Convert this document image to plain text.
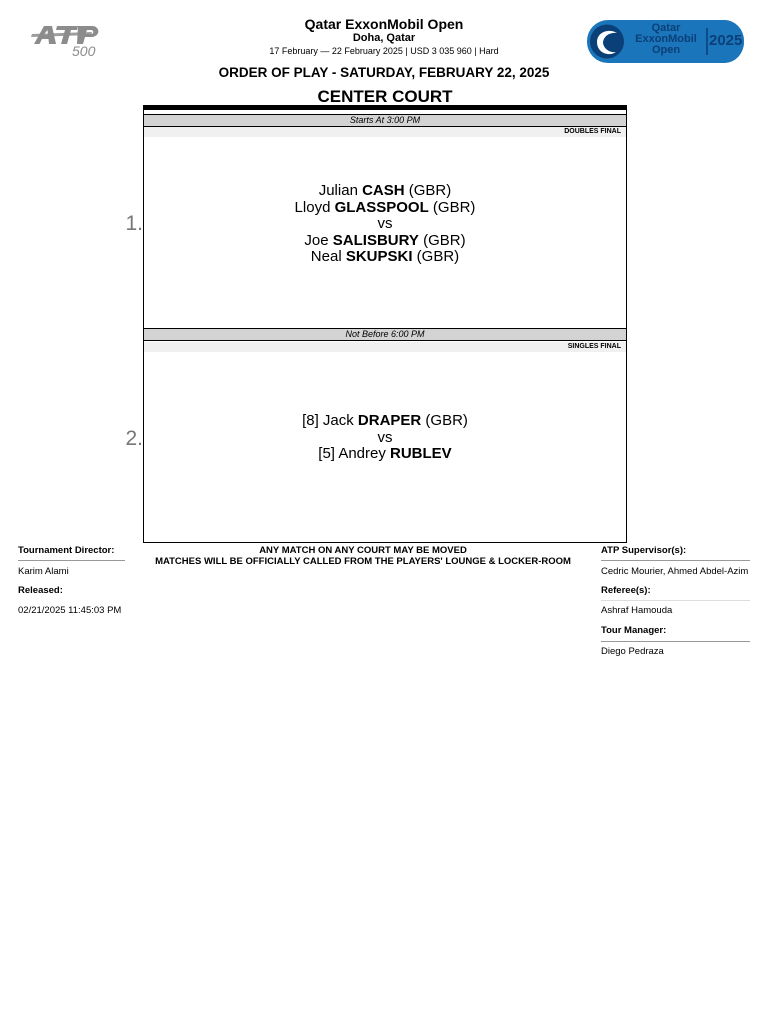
500
Qatar
ExxonMobil
Open
2025
Qatar ExxonMobil Open
Doha, Qatar
17 February — 22 February 2025 | USD 3 035 960 | Hard
ORDER OF PLAY - SATURDAY, FEBRUARY 22, 2025
CENTER COURT
1.
2.
Starts At 3:00 PM
DOUBLES FINAL
Julian CASH (GBR)
Lloyd GLASSPOOL (GBR)
vs
Joe SALISBURY (GBR)
Neal SKUPSKI (GBR)
Not Before 6:00 PM
SINGLES FINAL
[8] Jack DRAPER (GBR)
vs
[5] Andrey RUBLEV
Tournament Director:
Karim Alami
Released:
02/21/2025 11:45:03 PM
ANY MATCH ON ANY COURT MAY BE MOVED
MATCHES WILL BE OFFICIALLY CALLED FROM THE PLAYERS' LOUNGE & LOCKER-ROOM
ATP Supervisor(s):
Cedric Mourier, Ahmed Abdel-Azim
Referee(s):
Ashraf Hamouda
Tour Manager:
Diego Pedraza
